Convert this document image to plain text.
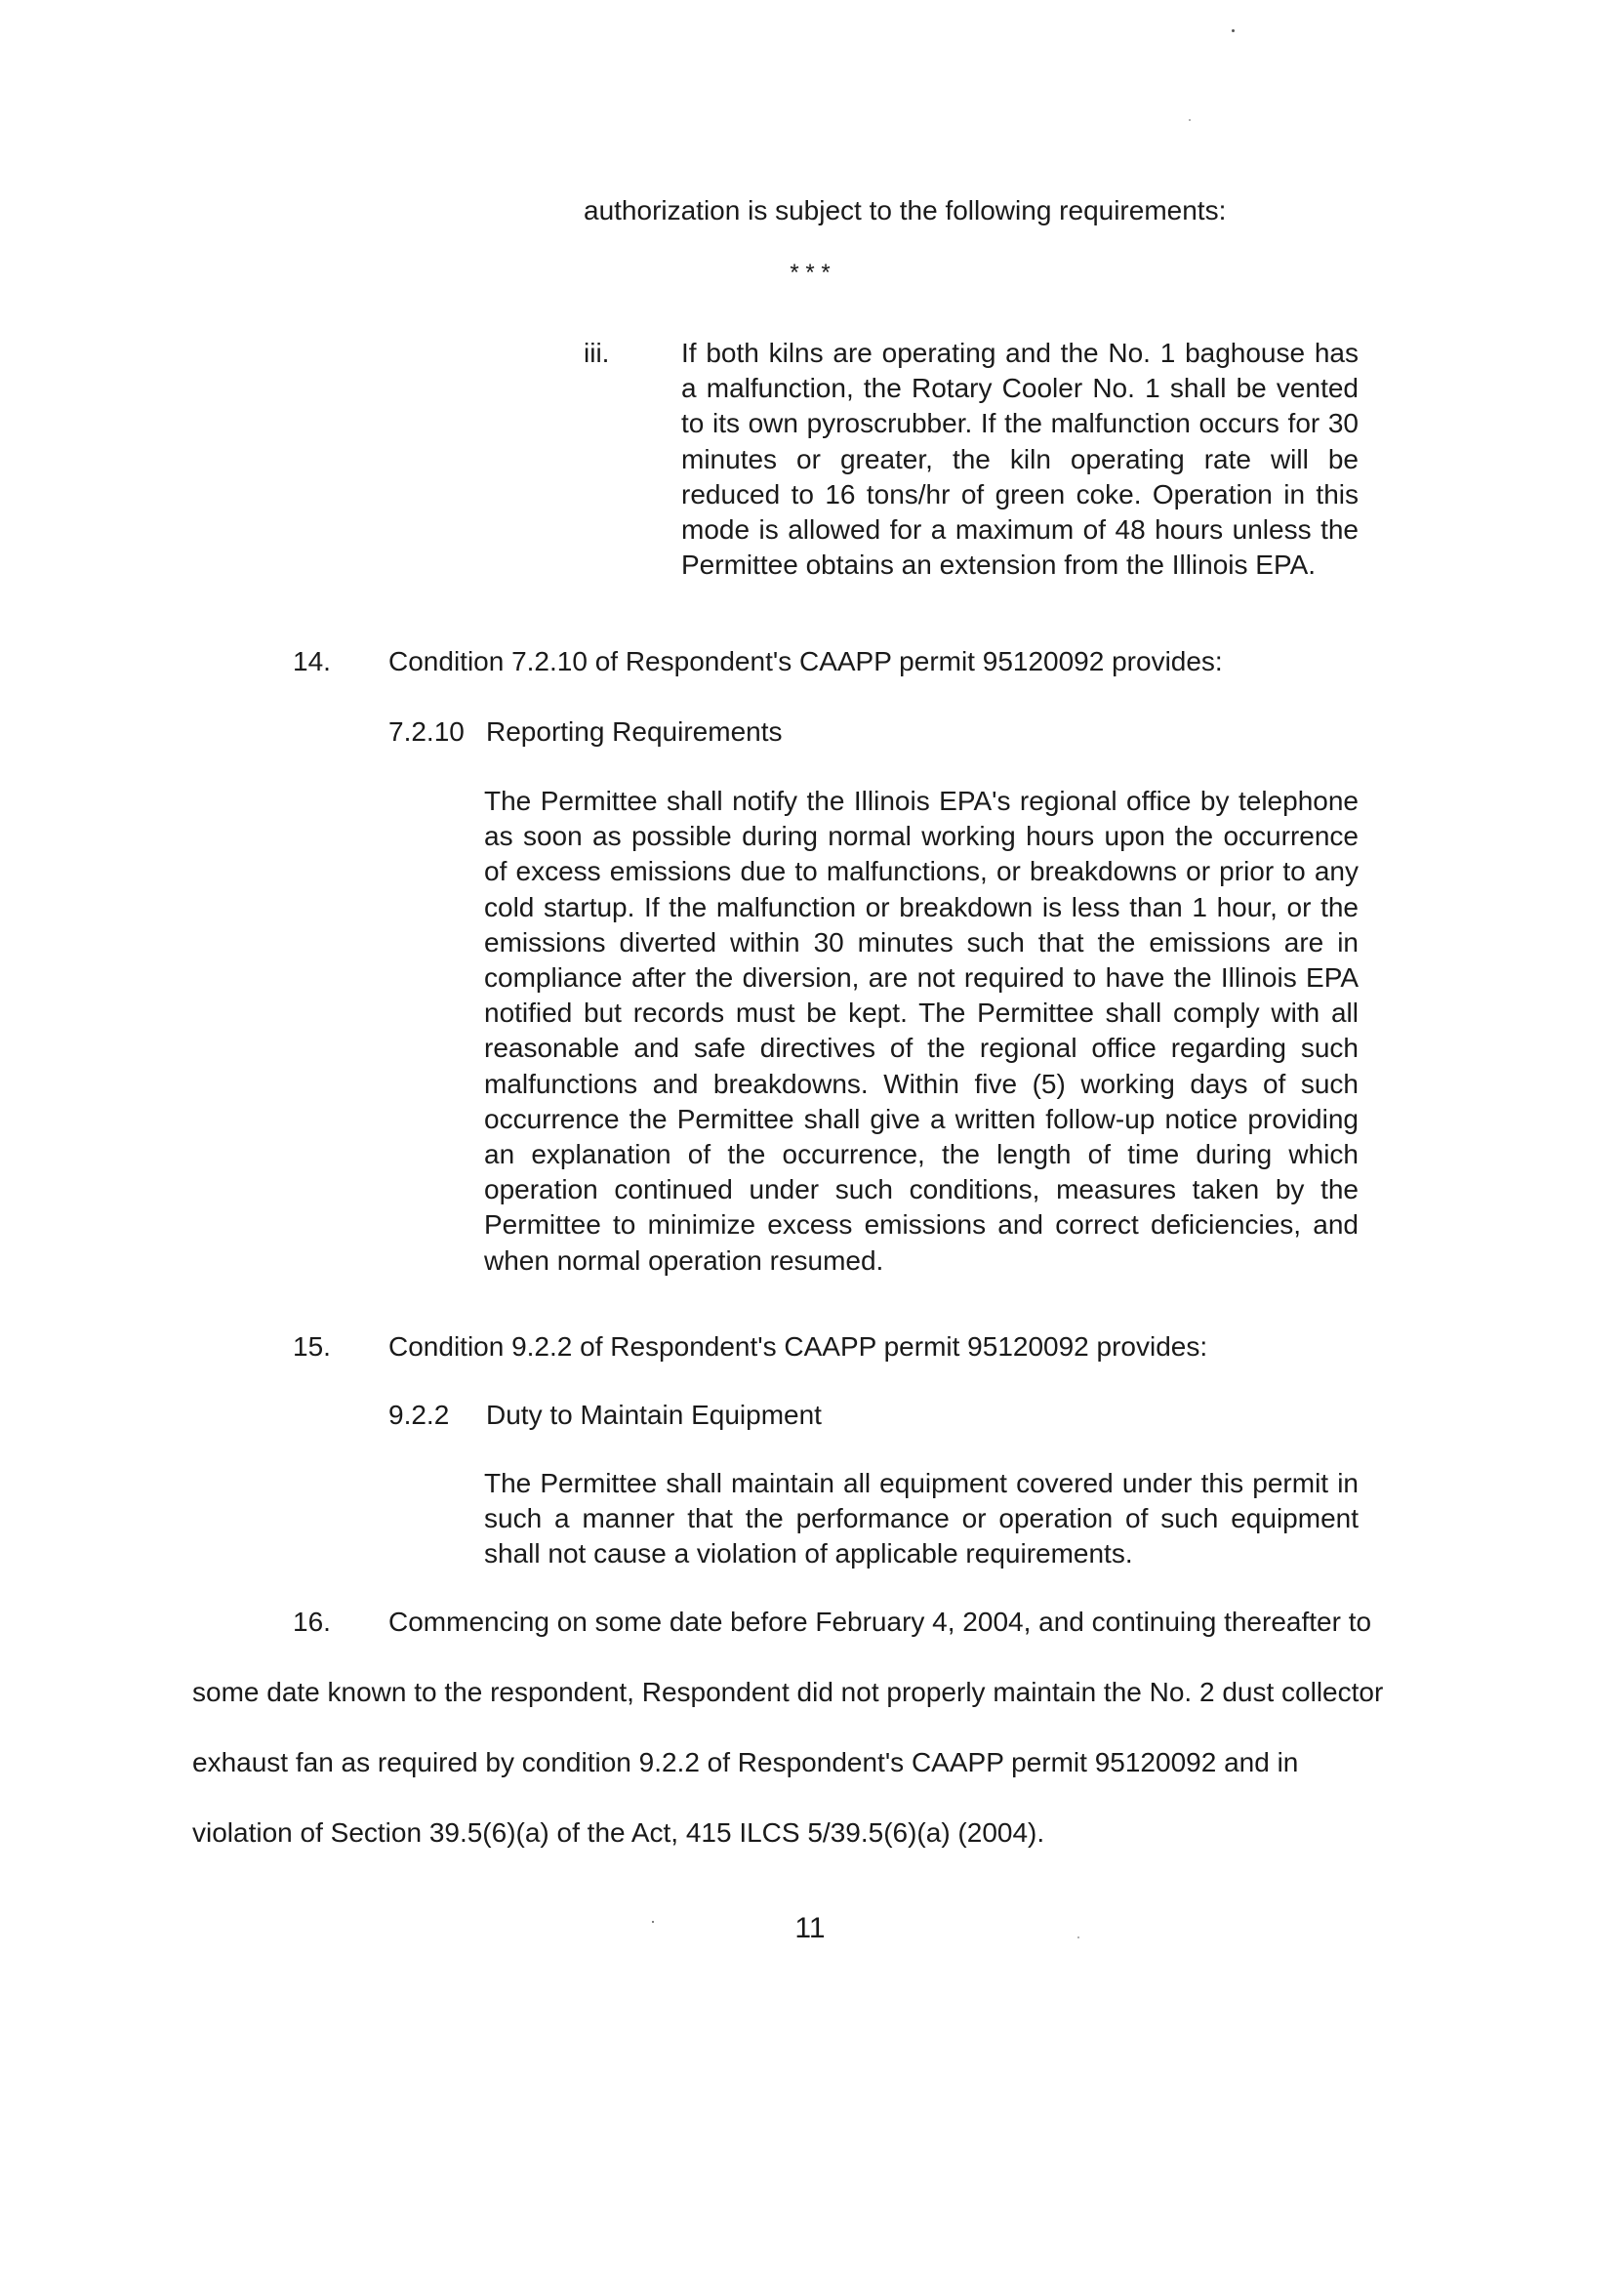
authorization is subject to the following requirements:
* * *
iii.	If both kilns are operating and the No. 1 baghouse has a malfunction, the Rotary Cooler No. 1 shall be vented to its own pyroscrubber. If the malfunction occurs for 30 minutes or greater, the kiln operating rate will be reduced to 16 tons/hr of green coke. Operation in this mode is allowed for a maximum of 48 hours unless the Permittee obtains an extension from the Illinois EPA.
14. Condition 7.2.10 of Respondent's CAAPP permit 95120092 provides:
7.2.10 Reporting Requirements
The Permittee shall notify the Illinois EPA's regional office by telephone as soon as possible during normal working hours upon the occurrence of excess emissions due to malfunctions, or breakdowns or prior to any cold startup. If the malfunction or breakdown is less than 1 hour, or the emissions diverted within 30 minutes such that the emissions are in compliance after the diversion, are not required to have the Illinois EPA notified but records must be kept. The Permittee shall comply with all reasonable and safe directives of the regional office regarding such malfunctions and breakdowns. Within five (5) working days of such occurrence the Permittee shall give a written follow-up notice providing an explanation of the occurrence, the length of time during which operation continued under such conditions, measures taken by the Permittee to minimize excess emissions and correct deficiencies, and when normal operation resumed.
15. Condition 9.2.2 of Respondent's CAAPP permit 95120092 provides:
9.2.2 Duty to Maintain Equipment
The Permittee shall maintain all equipment covered under this permit in such a manner that the performance or operation of such equipment shall not cause a violation of applicable requirements.
16. Commencing on some date before February 4, 2004, and continuing thereafter to
some date known to the respondent, Respondent did not properly maintain the No. 2 dust collector
exhaust fan as required by condition 9.2.2 of Respondent's CAAPP permit 95120092 and in
violation of Section 39.5(6)(a) of the Act, 415 ILCS 5/39.5(6)(a) (2004).
11
